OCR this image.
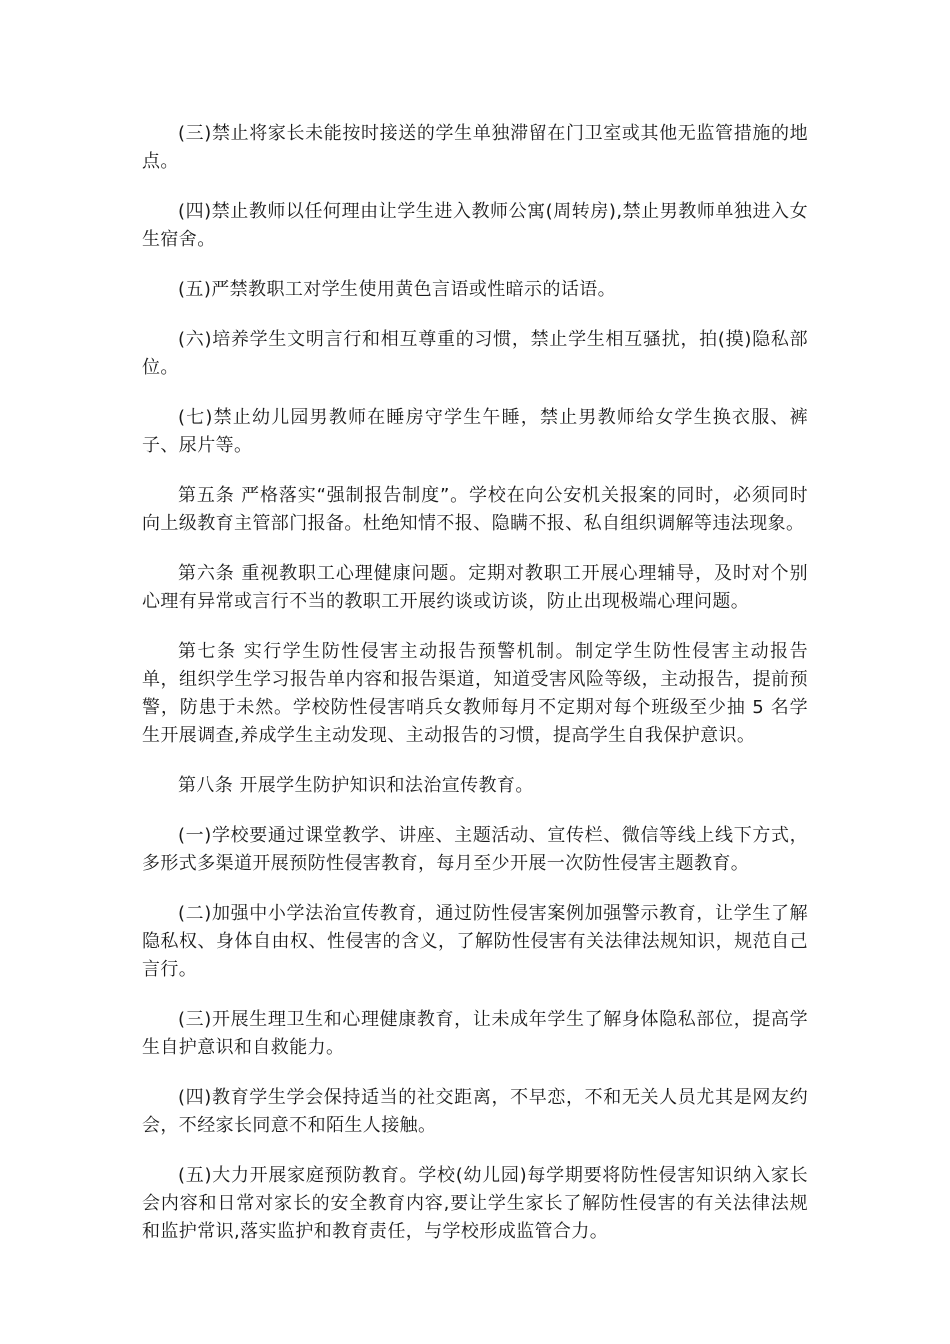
(三)禁止将家长未能按时接送的学生单独滞留在门卫室或其他无监管措施的地点。

(四)禁止教师以任何理由让学生进入教师公寓(周转房),禁止男教师单独进入女生宿舍。

(五)严禁教职工对学生使用黄色言语或性暗示的话语。

(六)培养学生文明言行和相互尊重的习惯，禁止学生相互骚扰，拍(摸)隐私部位。

(七)禁止幼儿园男教师在睡房守学生午睡，禁止男教师给女学生换衣服、裤子、尿片等。

第五条 严格落实“强制报告制度”。学校在向公安机关报案的同时，必须同时向上级教育主管部门报备。杜绝知情不报、隐瞒不报、私自组织调解等违法现象。

第六条 重视教职工心理健康问题。定期对教职工开展心理辅导，及时对个别心理有异常或言行不当的教职工开展约谈或访谈，防止出现极端心理问题。

第七条 实行学生防性侵害主动报告预警机制。制定学生防性侵害主动报告单，组织学生学习报告单内容和报告渠道，知道受害风险等级，主动报告，提前预警，防患于未然。学校防性侵害哨兵女教师每月不定期对每个班级至少抽 5 名学生开展调查,养成学生主动发现、主动报告的习惯，提高学生自我保护意识。

第八条 开展学生防护知识和法治宣传教育。

(一)学校要通过课堂教学、讲座、主题活动、宣传栏、微信等线上线下方式，多形式多渠道开展预防性侵害教育，每月至少开展一次防性侵害主题教育。

(二)加强中小学法治宣传教育，通过防性侵害案例加强警示教育，让学生了解隐私权、身体自由权、性侵害的含义，了解防性侵害有关法律法规知识，规范自己言行。

(三)开展生理卫生和心理健康教育，让未成年学生了解身体隐私部位，提高学生自护意识和自救能力。

(四)教育学生学会保持适当的社交距离，不早恋，不和无关人员尤其是网友约会，不经家长同意不和陌生人接触。

(五)大力开展家庭预防教育。学校(幼儿园)每学期要将防性侵害知识纳入家长会内容和日常对家长的安全教育内容,要让学生家长了解防性侵害的有关法律法规和监护常识,落实监护和教育责任，与学校形成监管合力。
